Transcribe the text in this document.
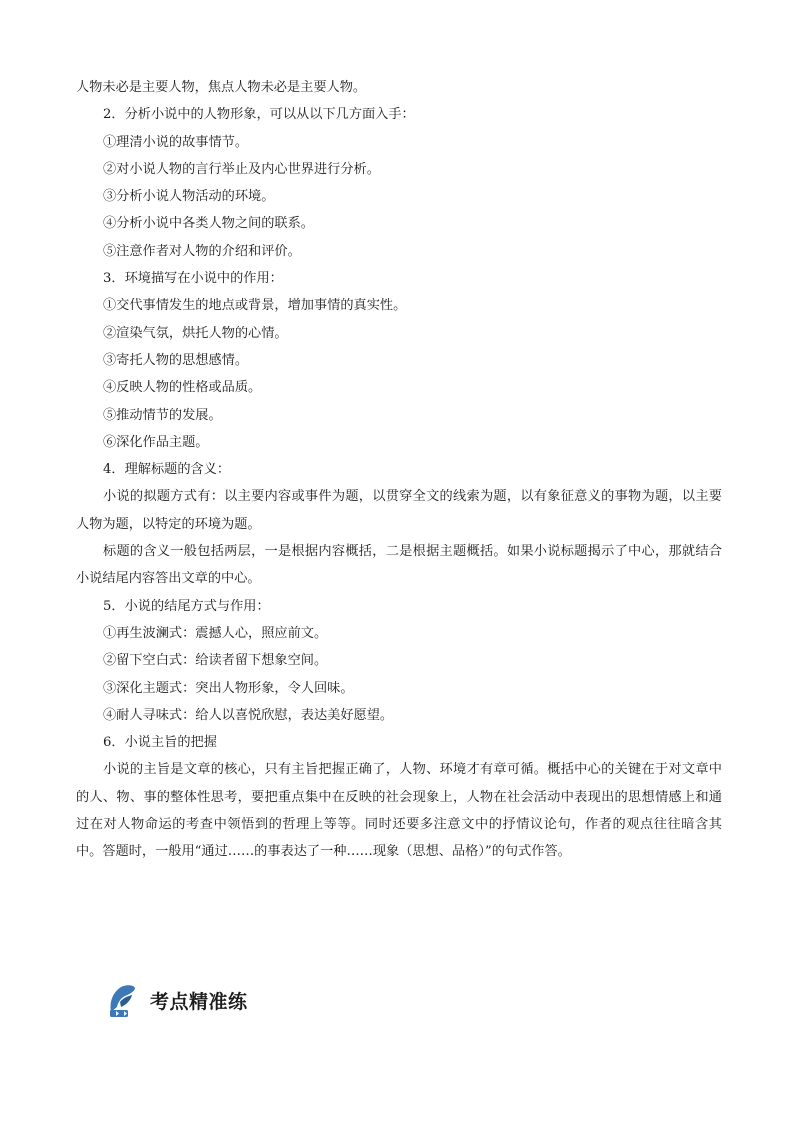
人物未必是主要人物，焦点人物未必是主要人物。
2．分析小说中的人物形象，可以从以下几方面入手：
①理清小说的故事情节。
②对小说人物的言行举止及内心世界进行分析。
③分析小说人物活动的环境。
④分析小说中各类人物之间的联系。
⑤注意作者对人物的介绍和评价。
3．环境描写在小说中的作用：
①交代事情发生的地点或背景，增加事情的真实性。
②渲染气氛，烘托人物的心情。
③寄托人物的思想感情。
④反映人物的性格或品质。
⑤推动情节的发展。
⑥深化作品主题。
4．理解标题的含义：
小说的拟题方式有：以主要内容或事件为题，以贯穿全文的线索为题，以有象征意义的事物为题，以主要人物为题，以特定的环境为题。
标题的含义一般包括两层，一是根据内容概括，二是根据主题概括。如果小说标题揭示了中心，那就结合小说结尾内容答出文章的中心。
5．小说的结尾方式与作用：
①再生波澜式：震撼人心，照应前文。
②留下空白式：给读者留下想象空间。
③深化主题式：突出人物形象，令人回味。
④耐人寻味式：给人以喜悦欣慰，表达美好愿望。
6．小说主旨的把握
小说的主旨是文章的核心，只有主旨把握正确了，人物、环境才有章可循。概括中心的关键在于对文章中的人、物、事的整体性思考，要把重点集中在反映的社会现象上，人物在社会活动中表现出的思想情感上和通过在对人物命运的考查中领悟到的哲理上等等。同时还要多注意文中的抒情议论句，作者的观点往往暗含其中。答题时，一般用“通过……的事表达了一种……现象（思想、品格）”的句式作答。
考点精准练
